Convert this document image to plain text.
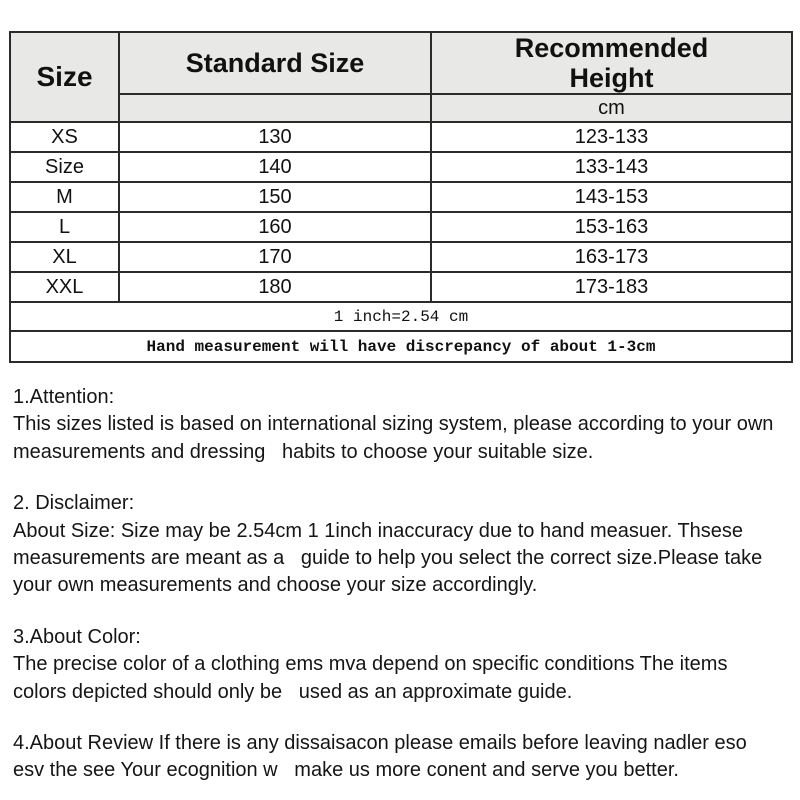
Size	Standard Size	Recommended
Height

		cm
XS	130	123-133
Size	140	133-143
M	150	143-153
L	160	153-163
XL	170	163-173
XXL	180	173-183
1 inch=2.54 cm		
Hand measurement will have discrepancy of about 1-3cm		
1.Attention:
This sizes listed is based on international sizing system, please according to your own
measurements and dressing   habits to choose your suitable size.
2. Disclaimer:
About Size: Size may be 2.54cm 1 1inch inaccuracy due to hand measuer. Thsese
measurements are meant as a   guide to help you select the correct size.Please take
your own measurements and choose your size accordingly.
3.About Color:
The precise color of a clothing ems mva depend on specific conditions The items
colors depicted should only be   used as an approximate guide.
4.About Review If there is any dissaisacon please emails before leaving nadler eso
esv the see Your ecognition w   make us more conent and serve you better.
